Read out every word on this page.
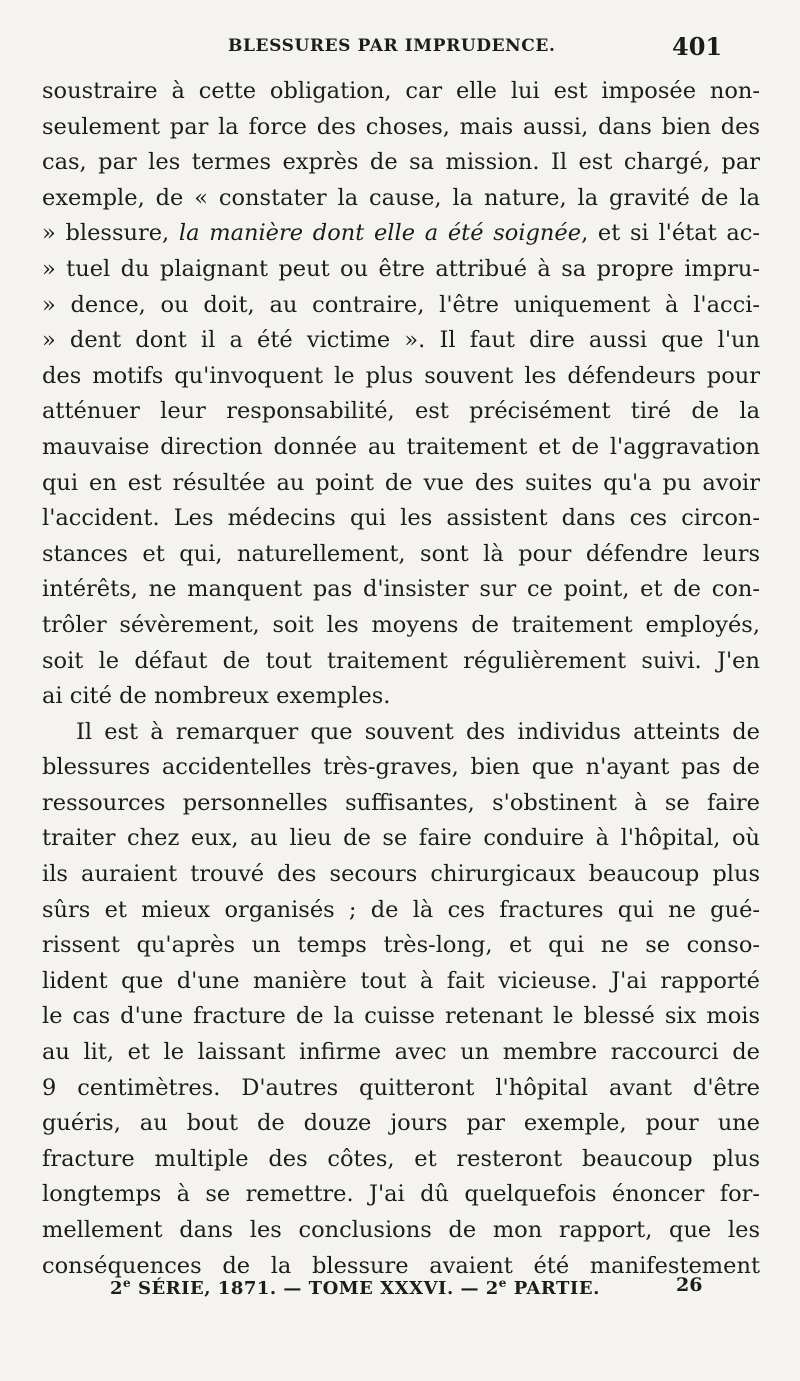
BLESSURES PAR IMPRUDENCE.	401
soustraire à cette obligation, car elle lui est imposée non-
seulement par la force des choses, mais aussi, dans bien des
cas, par les termes exprès de sa mission. Il est chargé, par
exemple, de « constater la cause, la nature, la gravité de la
» blessure, la manière dont elle a été soignée, et si l'état ac-
» tuel du plaignant peut ou être attribué à sa propre impru-
» dence, ou doit, au contraire, l'être uniquement à l'acci-
» dent dont il a été victime ». Il faut dire aussi que l'un
des motifs qu'invoquent le plus souvent les défendeurs pour
atténuer leur responsabilité, est précisément tiré de la
mauvaise direction donnée au traitement et de l'aggravation
qui en est résultée au point de vue des suites qu'a pu avoir
l'accident. Les médecins qui les assistent dans ces circon-
stances et qui, naturellement, sont là pour défendre leurs
intérêts, ne manquent pas d'insister sur ce point, et de con-
trôler sévèrement, soit les moyens de traitement employés,
soit le défaut de tout traitement régulièrement suivi. J'en
ai cité de nombreux exemples.
Il est à remarquer que souvent des individus atteints de
blessures accidentelles très-graves, bien que n'ayant pas de
ressources personnelles suffisantes, s'obstinent à se faire
traiter chez eux, au lieu de se faire conduire à l'hôpital, où
ils auraient trouvé des secours chirurgicaux beaucoup plus
sûrs et mieux organisés ; de là ces fractures qui ne gué-
rissent qu'après un temps très-long, et qui ne se conso-
lident que d'une manière tout à fait vicieuse. J'ai rapporté
le cas d'une fracture de la cuisse retenant le blessé six mois
au lit, et le laissant infirme avec un membre raccourci de
9 centimètres. D'autres quitteront l'hôpital avant d'être
guéris, au bout de douze jours par exemple, pour une
fracture multiple des côtes, et resteront beaucoup plus
longtemps à se remettre. J'ai dû quelquefois énoncer for-
mellement dans les conclusions de mon rapport, que les
conséquences de la blessure avaient été manifestement
2e SÉRIE, 1871. — TOME XXXVI. — 2e PARTIE.	26
